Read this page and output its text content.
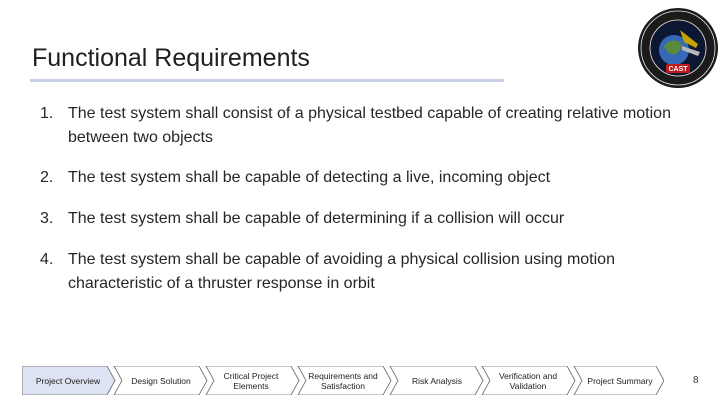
Functional Requirements	CAST
1. The test system shall consist of a physical testbed capable of creating relative motion between two objects
2. The test system shall be capable of detecting a live, incoming object
3. The test system shall be capable of determining if a collision will occur
4. The test system shall be capable of avoiding a physical collision using motion characteristic of a thruster response in orbit
Project Overview	Design Solution	Critical Project Elements
Requirements and Satisfaction	Risk Analysis	Verification and Validation	Project Summary	8
